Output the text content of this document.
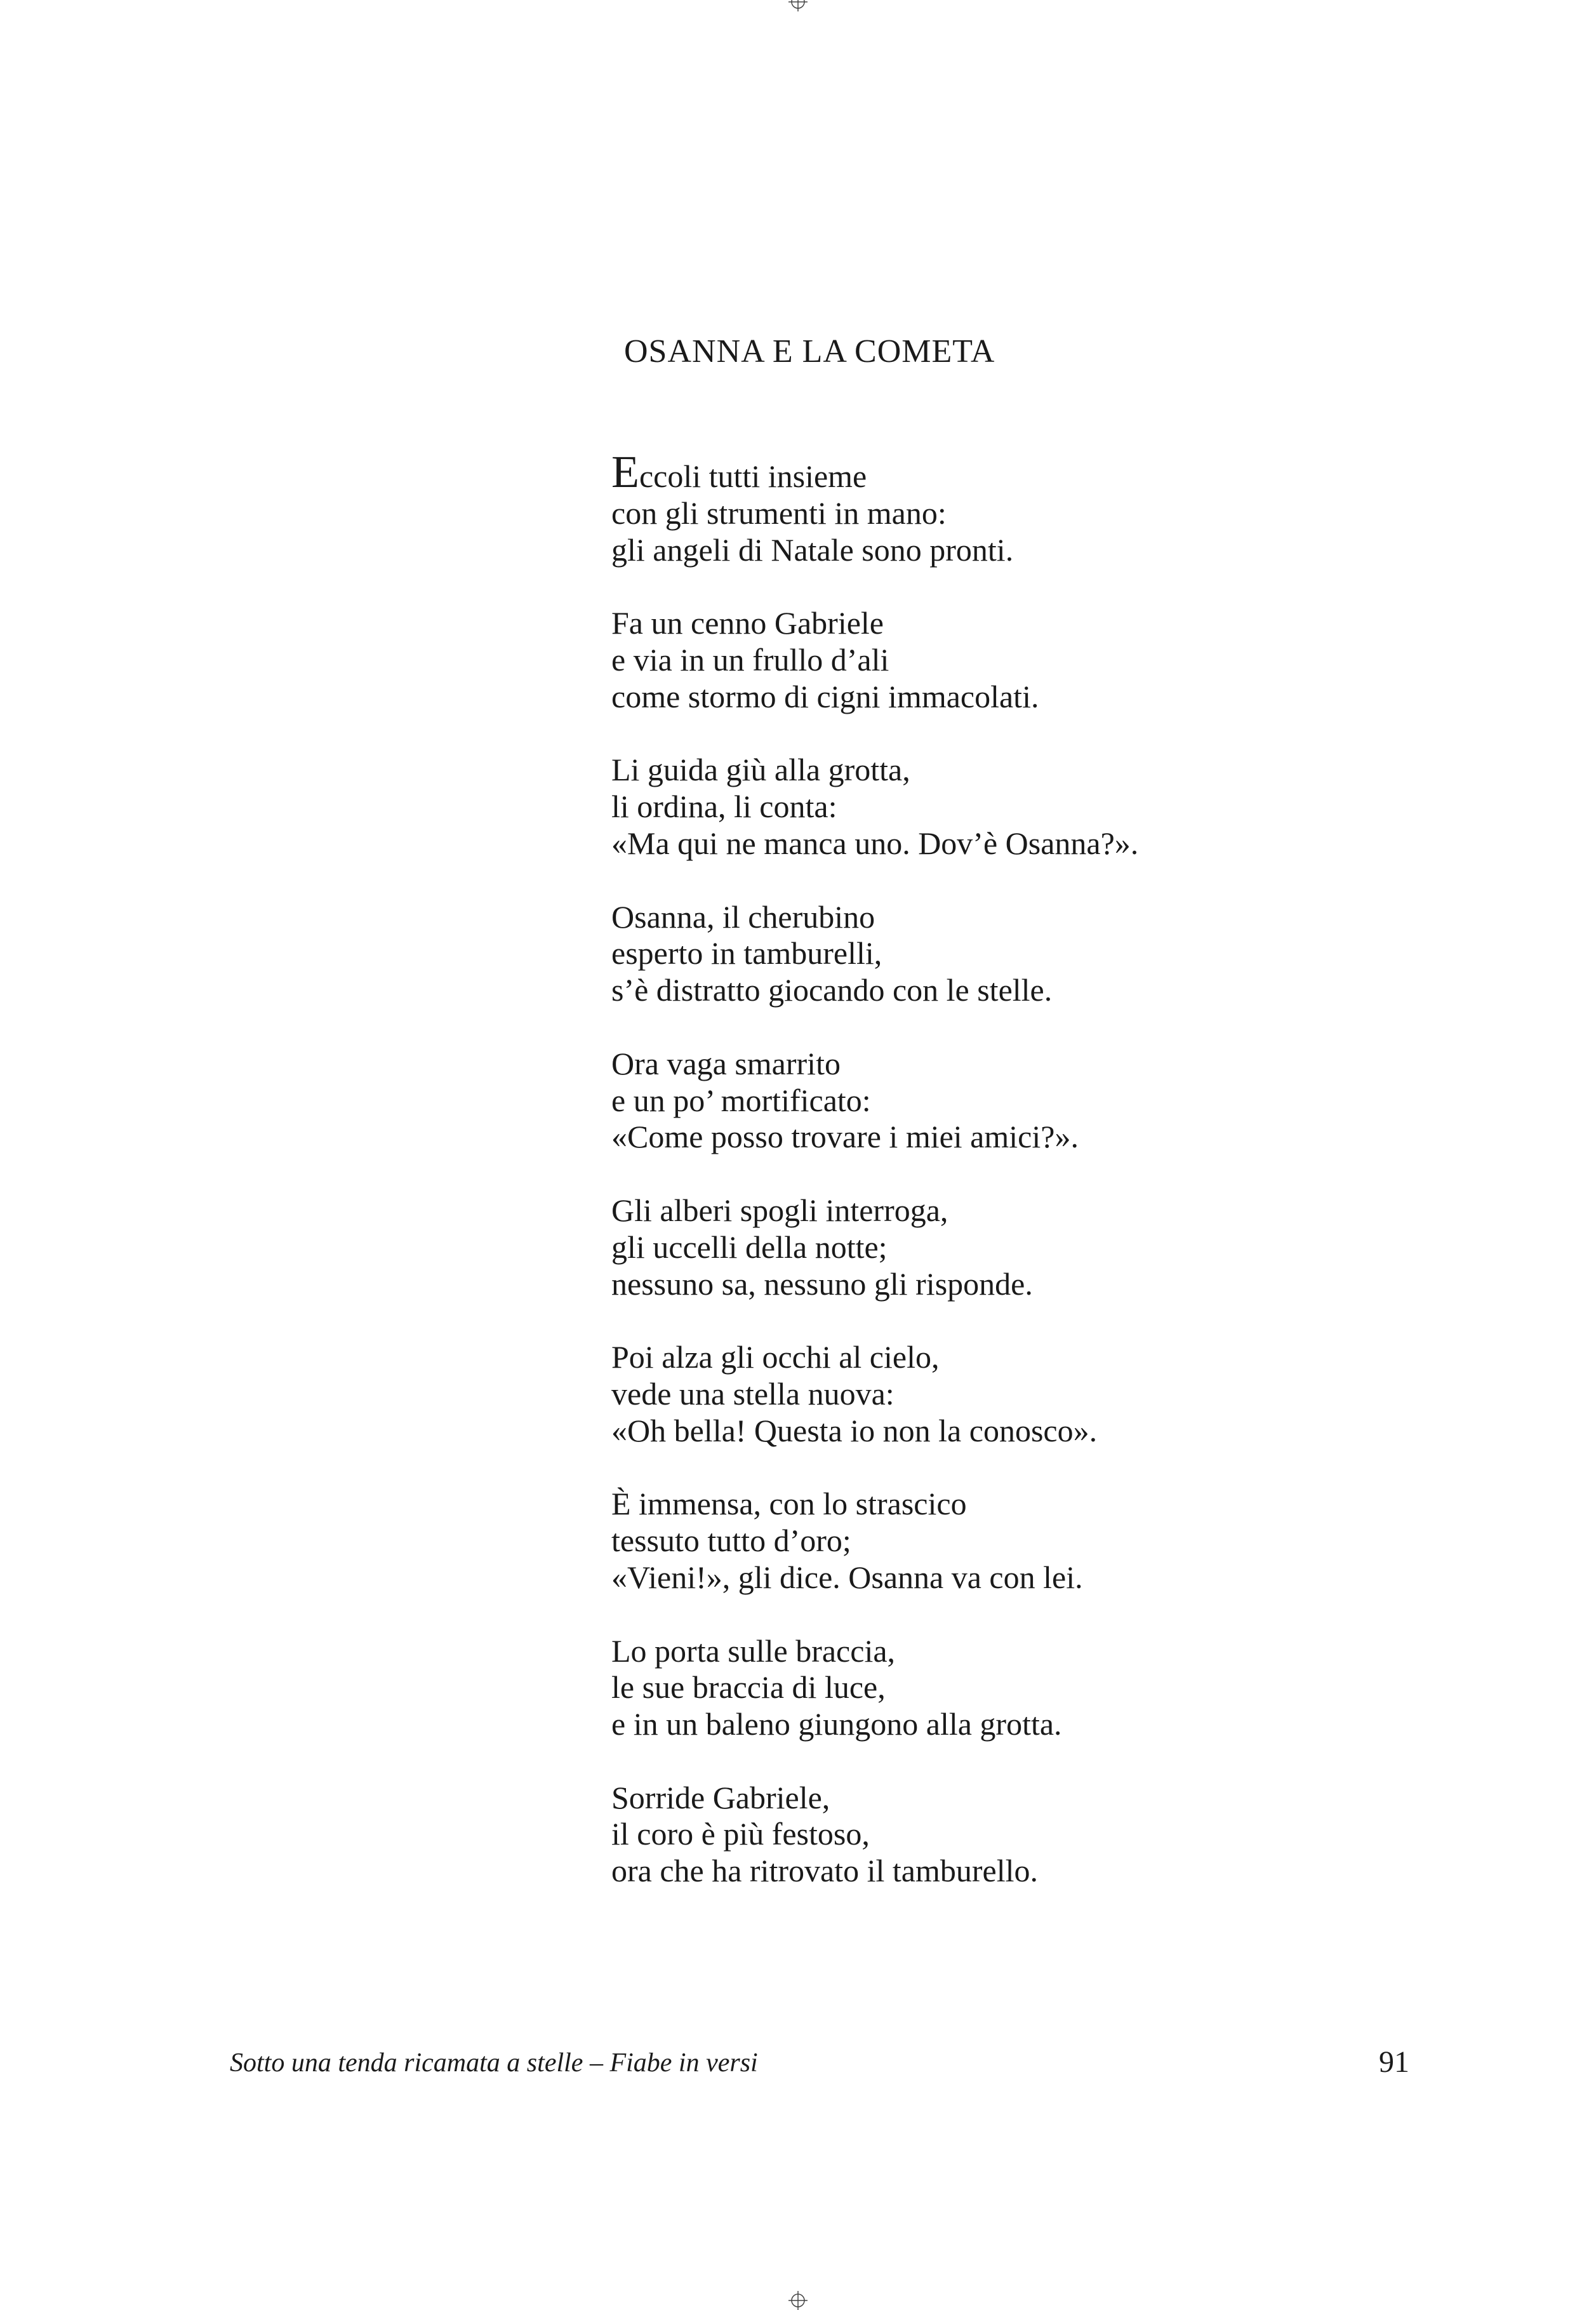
OSANNA E LA COMETA
Eccoli tutti insieme
con gli strumenti in mano:
gli angeli di Natale sono pronti.
Fa un cenno Gabriele
e via in un frullo d’ali
come stormo di cigni immacolati.
Li guida giù alla grotta,
li ordina, li conta:
«Ma qui ne manca uno. Dov’è Osanna?».
Osanna, il cherubino
esperto in tamburelli,
s’è distratto giocando con le stelle.
Ora vaga smarrito
e un po’ mortificato:
«Come posso trovare i miei amici?».
Gli alberi spogli interroga,
gli uccelli della notte;
nessuno sa, nessuno gli risponde.
Poi alza gli occhi al cielo,
vede una stella nuova:
«Oh bella! Questa io non la conosco».
È immensa, con lo strascico
tessuto tutto d’oro;
«Vieni!», gli dice. Osanna va con lei.
Lo porta sulle braccia,
le sue braccia di luce,
e in un baleno giungono alla grotta.
Sorride Gabriele,
il coro è più festoso,
ora che ha ritrovato il tamburello.
Sotto una tenda ricamata a stelle – Fiabe in versi	91
